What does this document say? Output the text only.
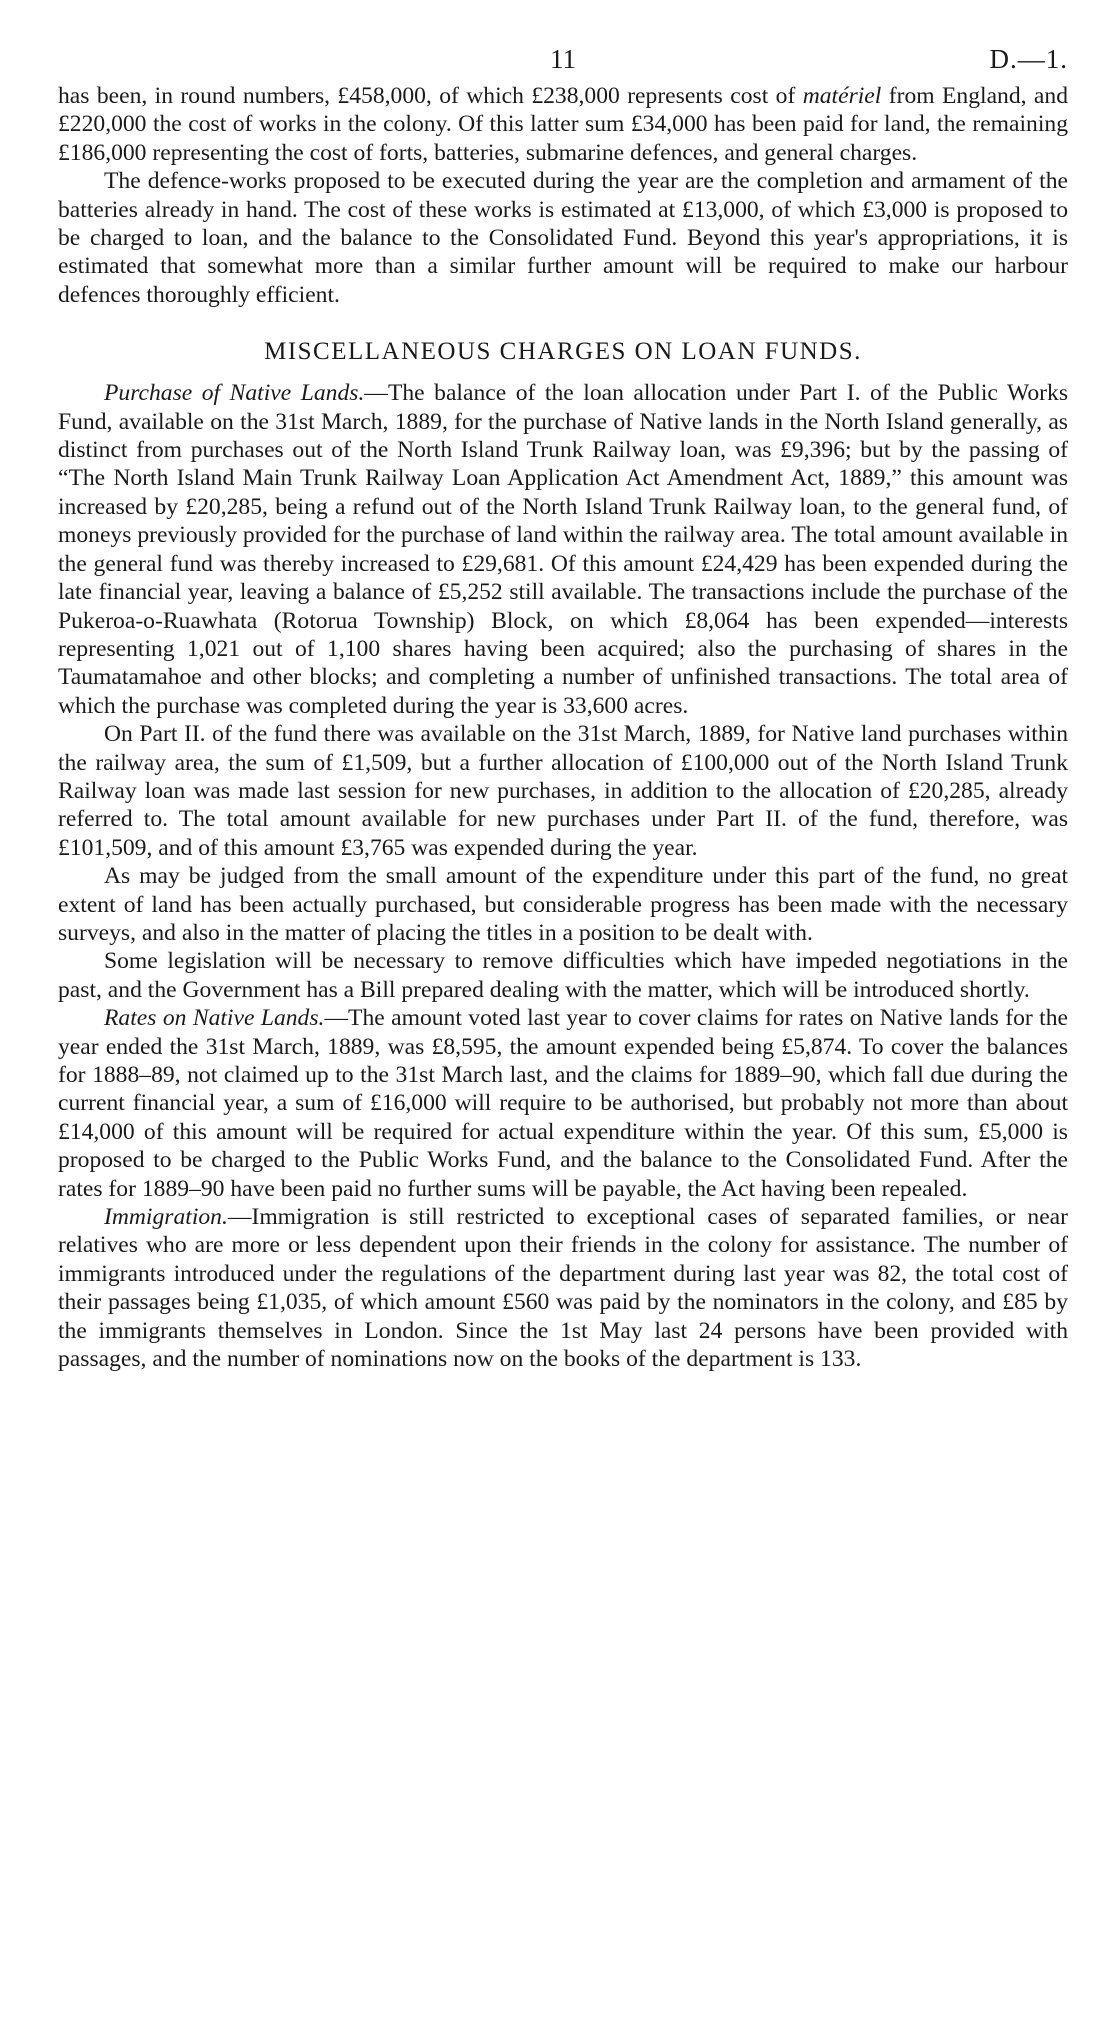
11	D.—1.

has been, in round numbers, £458,000, of which £238,000 represents cost of matériel from England, and £220,000 the cost of works in the colony. Of this latter sum £34,000 has been paid for land, the remaining £186,000 representing the cost of forts, batteries, submarine defences, and general charges.

The defence-works proposed to be executed during the year are the completion and armament of the batteries already in hand. The cost of these works is estimated at £13,000, of which £3,000 is proposed to be charged to loan, and the balance to the Consolidated Fund. Beyond this year's appropriations, it is estimated that somewhat more than a similar further amount will be required to make our harbour defences thoroughly efficient.

MISCELLANEOUS CHARGES ON LOAN FUNDS.

Purchase of Native Lands.—The balance of the loan allocation under Part I. of the Public Works Fund, available on the 31st March, 1889, for the purchase of Native lands in the North Island generally, as distinct from purchases out of the North Island Trunk Railway loan, was £9,396; but by the passing of “The North Island Main Trunk Railway Loan Application Act Amendment Act, 1889,” this amount was increased by £20,285, being a refund out of the North Island Trunk Railway loan, to the general fund, of moneys previously provided for the purchase of land within the railway area. The total amount available in the general fund was thereby increased to £29,681. Of this amount £24,429 has been expended during the late financial year, leaving a balance of £5,252 still available. The transactions include the purchase of the Pukeroa-o-Ruawhata (Rotorua Township) Block, on which £8,064 has been expended—interests representing 1,021 out of 1,100 shares having been acquired; also the purchasing of shares in the Taumatamahoe and other blocks; and completing a number of unfinished transactions. The total area of which the purchase was completed during the year is 33,600 acres.

On Part II. of the fund there was available on the 31st March, 1889, for Native land purchases within the railway area, the sum of £1,509, but a further allocation of £100,000 out of the North Island Trunk Railway loan was made last session for new purchases, in addition to the allocation of £20,285, already referred to. The total amount available for new purchases under Part II. of the fund, therefore, was £101,509, and of this amount £3,765 was expended during the year.

As may be judged from the small amount of the expenditure under this part of the fund, no great extent of land has been actually purchased, but considerable progress has been made with the necessary surveys, and also in the matter of placing the titles in a position to be dealt with.

Some legislation will be necessary to remove difficulties which have impeded negotiations in the past, and the Government has a Bill prepared dealing with the matter, which will be introduced shortly.

Rates on Native Lands.—The amount voted last year to cover claims for rates on Native lands for the year ended the 31st March, 1889, was £8,595, the amount expended being £5,874. To cover the balances for 1888–89, not claimed up to the 31st March last, and the claims for 1889–90, which fall due during the current financial year, a sum of £16,000 will require to be authorised, but probably not more than about £14,000 of this amount will be required for actual expenditure within the year. Of this sum, £5,000 is proposed to be charged to the Public Works Fund, and the balance to the Consolidated Fund. After the rates for 1889–90 have been paid no further sums will be payable, the Act having been repealed.

Immigration.—Immigration is still restricted to exceptional cases of separated families, or near relatives who are more or less dependent upon their friends in the colony for assistance. The number of immigrants introduced under the regulations of the department during last year was 82, the total cost of their passages being £1,035, of which amount £560 was paid by the nominators in the colony, and £85 by the immigrants themselves in London. Since the 1st May last 24 persons have been provided with passages, and the number of nominations now on the books of the department is 133.
